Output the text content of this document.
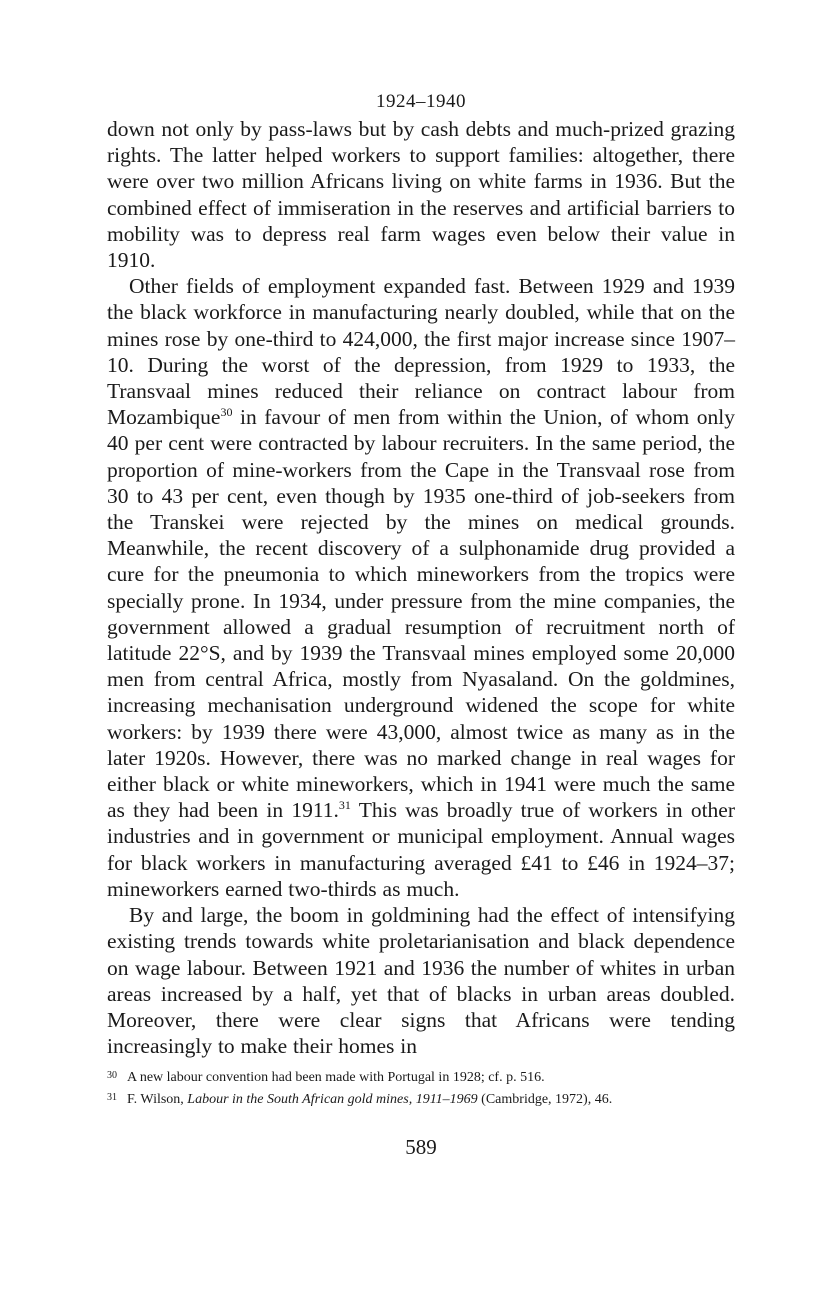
1924–1940

down not only by pass-laws but by cash debts and much-prized grazing rights. The latter helped workers to support families: altogether, there were over two million Africans living on white farms in 1936. But the combined effect of immiseration in the reserves and artificial barriers to mobility was to depress real farm wages even below their value in 1910.

Other fields of employment expanded fast. Between 1929 and 1939 the black workforce in manufacturing nearly doubled, while that on the mines rose by one-third to 424,000, the first major increase since 1907–10. During the worst of the depression, from 1929 to 1933, the Transvaal mines reduced their reliance on contract labour from Mozambique$^{30}$ in favour of men from within the Union, of whom only 40 per cent were contracted by labour recruiters. In the same period, the proportion of mine-workers from the Cape in the Transvaal rose from 30 to 43 per cent, even though by 1935 one-third of job-seekers from the Transkei were rejected by the mines on medical grounds. Meanwhile, the recent discovery of a sulphonamide drug provided a cure for the pneumonia to which mineworkers from the tropics were specially prone. In 1934, under pressure from the mine companies, the government allowed a gradual resumption of recruitment north of latitude 22°S, and by 1939 the Transvaal mines employed some 20,000 men from central Africa, mostly from Nyasaland. On the goldmines, increasing mechanisation underground widened the scope for white workers: by 1939 there were 43,000, almost twice as many as in the later 1920s. However, there was no marked change in real wages for either black or white mineworkers, which in 1941 were much the same as they had been in 1911.31 This was broadly true of workers in other industries and in government or municipal employment. Annual wages for black workers in manufacturing averaged £41 to £46 in 1924–37; mineworkers earned two-thirds as much.

By and large, the boom in goldmining had the effect of intensifying existing trends towards white proletarianisation and black dependence on wage labour. Between 1921 and 1936 the number of whites in urban areas increased by a half, yet that of blacks in urban areas doubled. Moreover, there were clear signs that Africans were tending increasingly to make their homes in

30 A new labour convention had been made with Portugal in 1928; cf. p. 516.
31 F. Wilson, Labour in the South African gold mines, 1911–1969 (Cambridge, 1972), 46.
589
